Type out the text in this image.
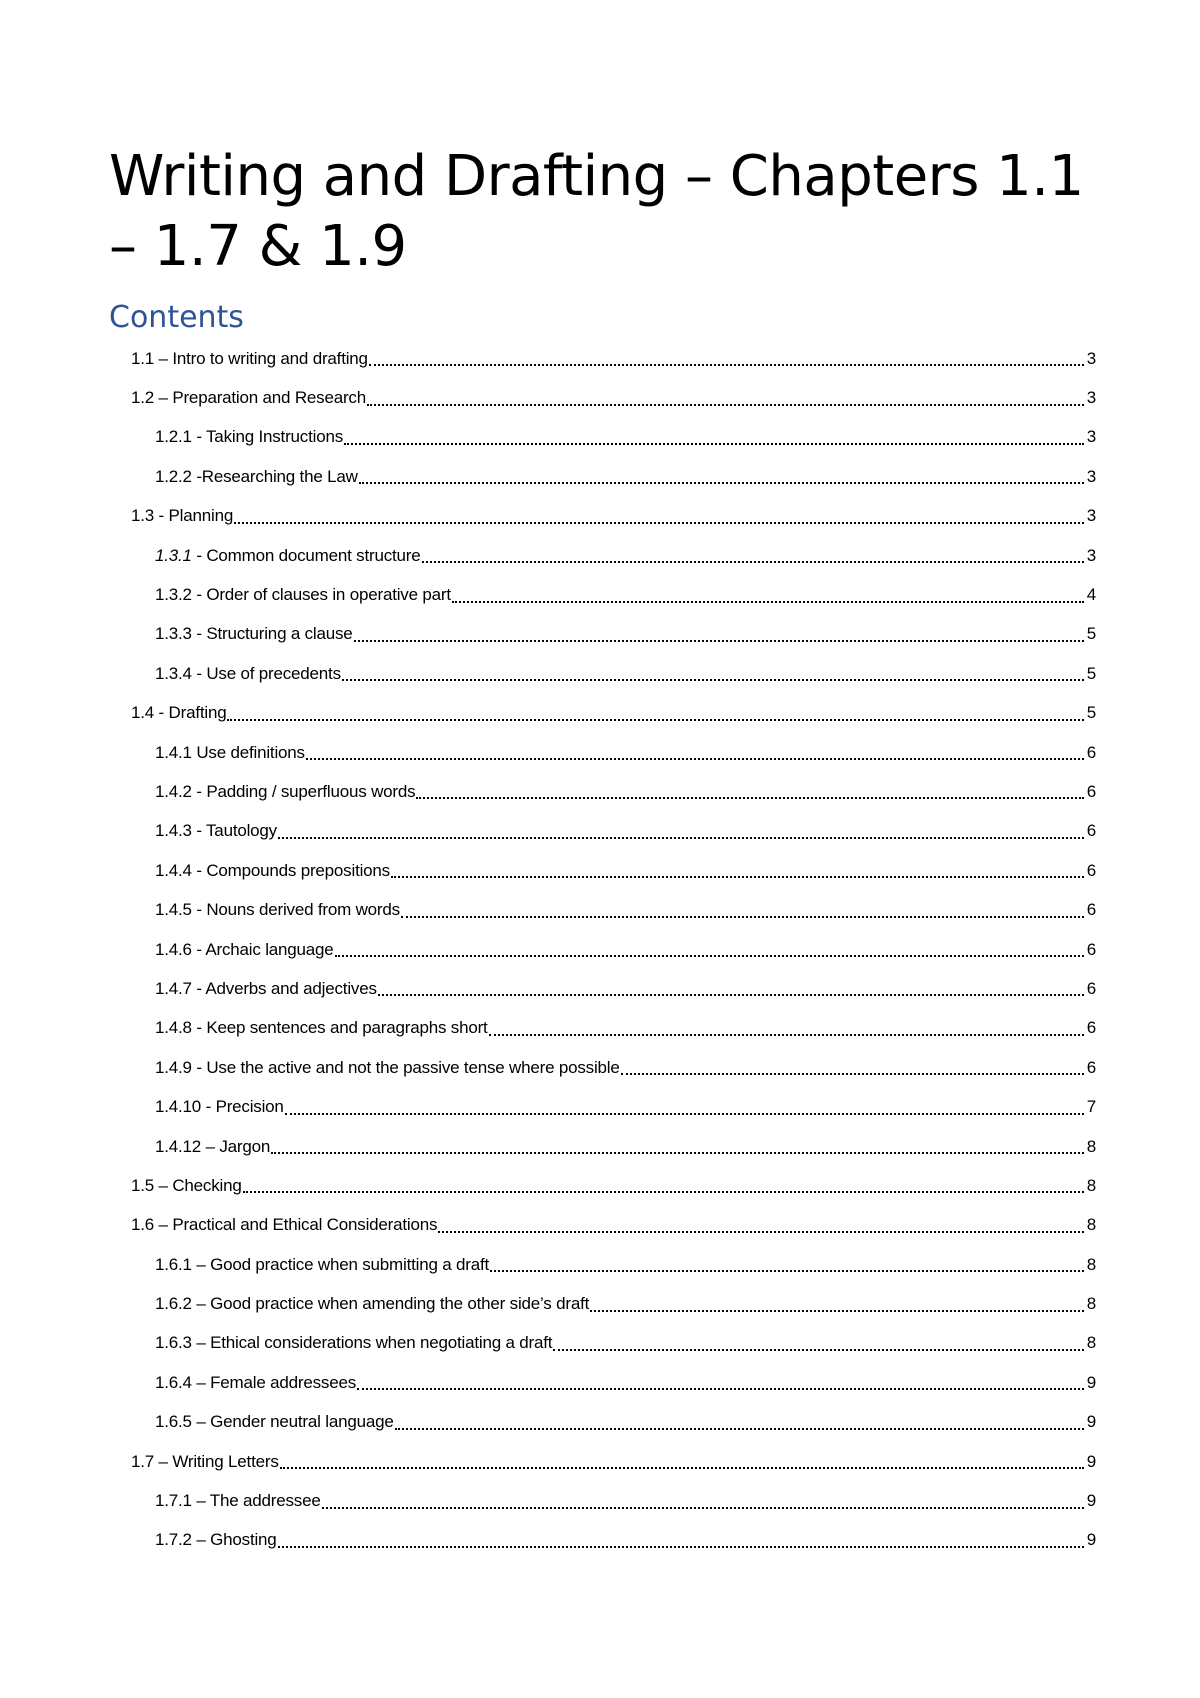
Writing and Drafting – Chapters 1.1 – 1.7 & 1.9
Contents
1.1 – Intro to writing and drafting	3
1.2 – Preparation and Research	3
1.2.1 - Taking Instructions	3
1.2.2 -Researching the Law	3
1.3 - Planning	3
1.3.1 - Common document structure	3
1.3.2 - Order of clauses in operative part	4
1.3.3 - Structuring a clause	5
1.3.4 - Use of precedents	5
1.4 - Drafting	5
1.4.1 Use definitions	6
1.4.2 - Padding / superfluous words	6
1.4.3 - Tautology	6
1.4.4 - Compounds prepositions	6
1.4.5 - Nouns derived from words	6
1.4.6 - Archaic language	6
1.4.7 - Adverbs and adjectives	6
1.4.8 - Keep sentences and paragraphs short	6
1.4.9 - Use the active and not the passive tense where possible	6
1.4.10 - Precision	7
1.4.12 – Jargon	8
1.5 – Checking	8
1.6 – Practical and Ethical Considerations	8
1.6.1 – Good practice when submitting a draft	8
1.6.2 – Good practice when amending the other side’s draft	8
1.6.3 – Ethical considerations when negotiating a draft	8
1.6.4 – Female addressees	9
1.6.5 – Gender neutral language	9
1.7 – Writing Letters	9
1.7.1 – The addressee	9
1.7.2 – Ghosting	9
